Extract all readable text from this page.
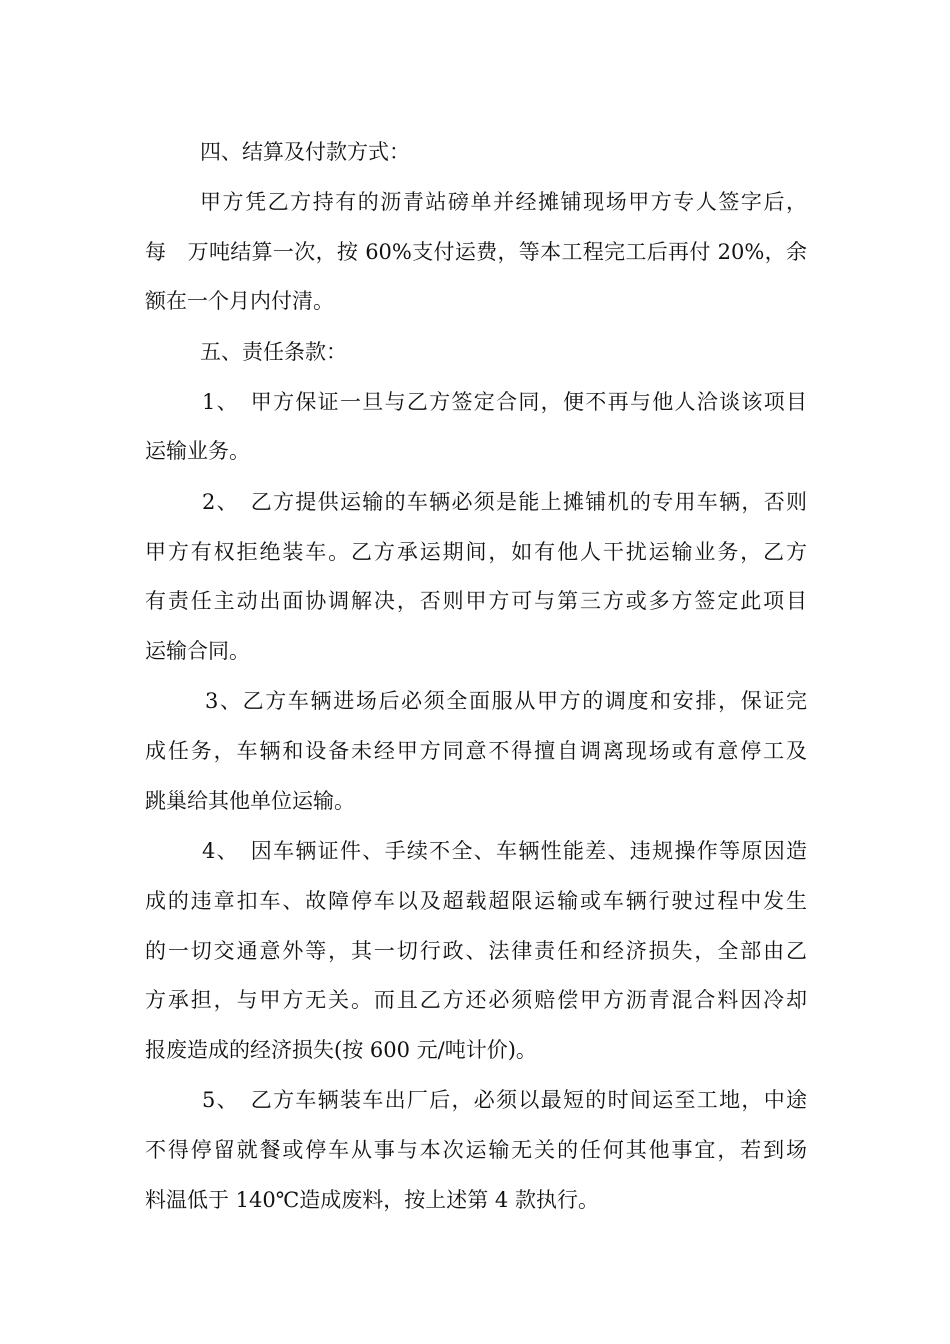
四、结算及付款方式：
甲方凭乙方持有的沥青站磅单并经摊铺现场甲方专人签字后，
每　万吨结算一次，按 60%支付运费，等本工程完工后再付 20%，余
额在一个月内付清。
五、责任条款：
1、　甲方保证一旦与乙方签定合同，便不再与他人洽谈该项目
运输业务。
2、　乙方提供运输的车辆必须是能上摊铺机的专用车辆，否则
甲方有权拒绝装车。乙方承运期间，如有他人干扰运输业务，乙方
有责任主动出面协调解决，否则甲方可与第三方或多方签定此项目
运输合同。
3、乙方车辆进场后必须全面服从甲方的调度和安排，保证完
成任务，车辆和设备未经甲方同意不得擅自调离现场或有意停工及
跳巢给其他单位运输。
4、　因车辆证件、手续不全、车辆性能差、违规操作等原因造
成的违章扣车、故障停车以及超载超限运输或车辆行驶过程中发生
的一切交通意外等，其一切行政、法律责任和经济损失，全部由乙
方承担，与甲方无关。而且乙方还必须赔偿甲方沥青混合料因冷却
报废造成的经济损失(按 600 元/吨计价)。
5、　乙方车辆装车出厂后，必须以最短的时间运至工地，中途
不得停留就餐或停车从事与本次运输无关的任何其他事宜，若到场
料温低于 140℃造成废料，按上述第 4 款执行。
